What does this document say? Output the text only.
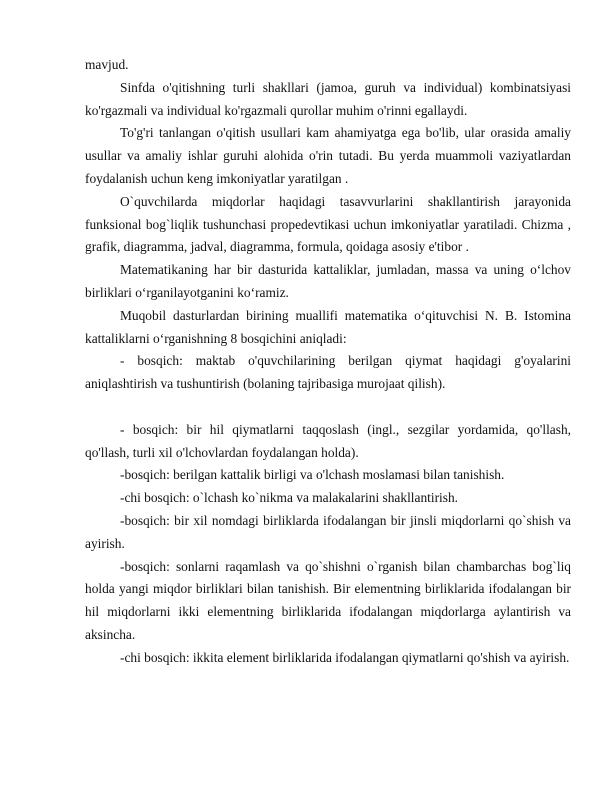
mavjud.

Sinfda o'qitishning turli shakllari (jamoa, guruh va individual) kombinatsiyasi ko'rgazmali va individual ko'rgazmali qurollar muhim o'rinni egallaydi.

To'g'ri tanlangan o'qitish usullari kam ahamiyatga ega bo'lib, ular orasida amaliy usullar va amaliy ishlar guruhi alohida o'rin tutadi. Bu yerda muammoli vaziyatlardan foydalanish uchun keng imkoniyatlar yaratilgan .

O`quvchilarda miqdorlar haqidagi tasavvurlarini shakllantirish jarayonida funksional bog`liqlik tushunchasi propedevtikasi uchun imkoniyatlar yaratiladi. Chizma , grafik, diagramma, jadval, diagramma, formula, qoidaga asosiy e'tibor .

Matematikaning har bir dasturida kattaliklar, jumladan, massa va uning o‘lchov birliklari o‘rganilayotganini ko‘ramiz.

Muqobil dasturlardan birining muallifi matematika o‘qituvchisi N. B. Istomina kattaliklarni o‘rganishning 8 bosqichini aniqladi:

- bosqich: maktab o'quvchilarining berilgan qiymat haqidagi g'oyalarini aniqlashtirish va tushuntirish (bolaning tajribasiga murojaat qilish).

- bosqich: bir hil qiymatlarni taqqoslash (ingl., sezgilar yordamida, qo'llash, qo'llash, turli xil o'lchovlardan foydalangan holda).

-bosqich: berilgan kattalik birligi va o'lchash moslamasi bilan tanishish.

-chi bosqich: o`lchash ko`nikma va malakalarini shakllantirish.

-bosqich: bir xil nomdagi birliklarda ifodalangan bir jinsli miqdorlarni qo`shish va ayirish.

-bosqich: sonlarni raqamlash va qo`shishni o`rganish bilan chambarchas bog`liq holda yangi miqdor birliklari bilan tanishish. Bir elementning birliklarida ifodalangan bir hil miqdorlarni ikki elementning birliklarida ifodalangan miqdorlarga aylantirish va aksincha.

-chi bosqich: ikkita element birliklarida ifodalangan qiymatlarni qo'shish va ayirish.
